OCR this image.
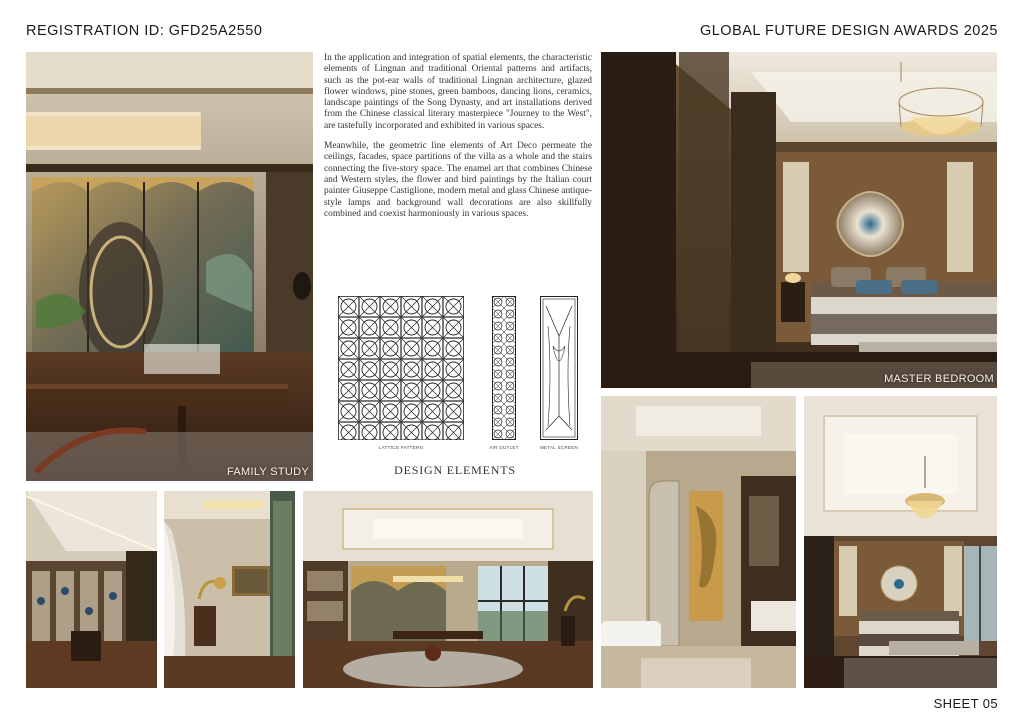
REGISTRATION ID: GFD25A2550	GLOBAL FUTURE DESIGN AWARDS 2025
FAMILY STUDY

In the application and integration of spatial elements, the characteristic elements of Lingnan and traditional Oriental patterns and artifacts, such as the pot-ear walls of traditional Lingnan architecture, glazed flower windows, pine stones, green bamboos, dancing lions, ceramics, landscape paintings of the Song Dynasty, and art installations derived from the Chinese classical literary masterpiece "Journey to the West", are tastefully incorporated and exhibited in various spaces.

Meanwhile, the geometric line elements of Art Deco permeate the ceilings, facades, space partitions of the villa as a whole and the stairs connecting the five-story space. The enamel art that combines Chinese and Western styles, the flower and bird paintings by the Italian court painter Giuseppe Castiglione, modern metal and glass Chinese antique-style lamps and background wall decorations are also skillfully combined and coexist harmoniously in various spaces.

LATTICE PATTERN	AIR OUTLET	METAL SCREEN
DESIGN ELEMENTS
MASTER BEDROOM
SHEET 05
